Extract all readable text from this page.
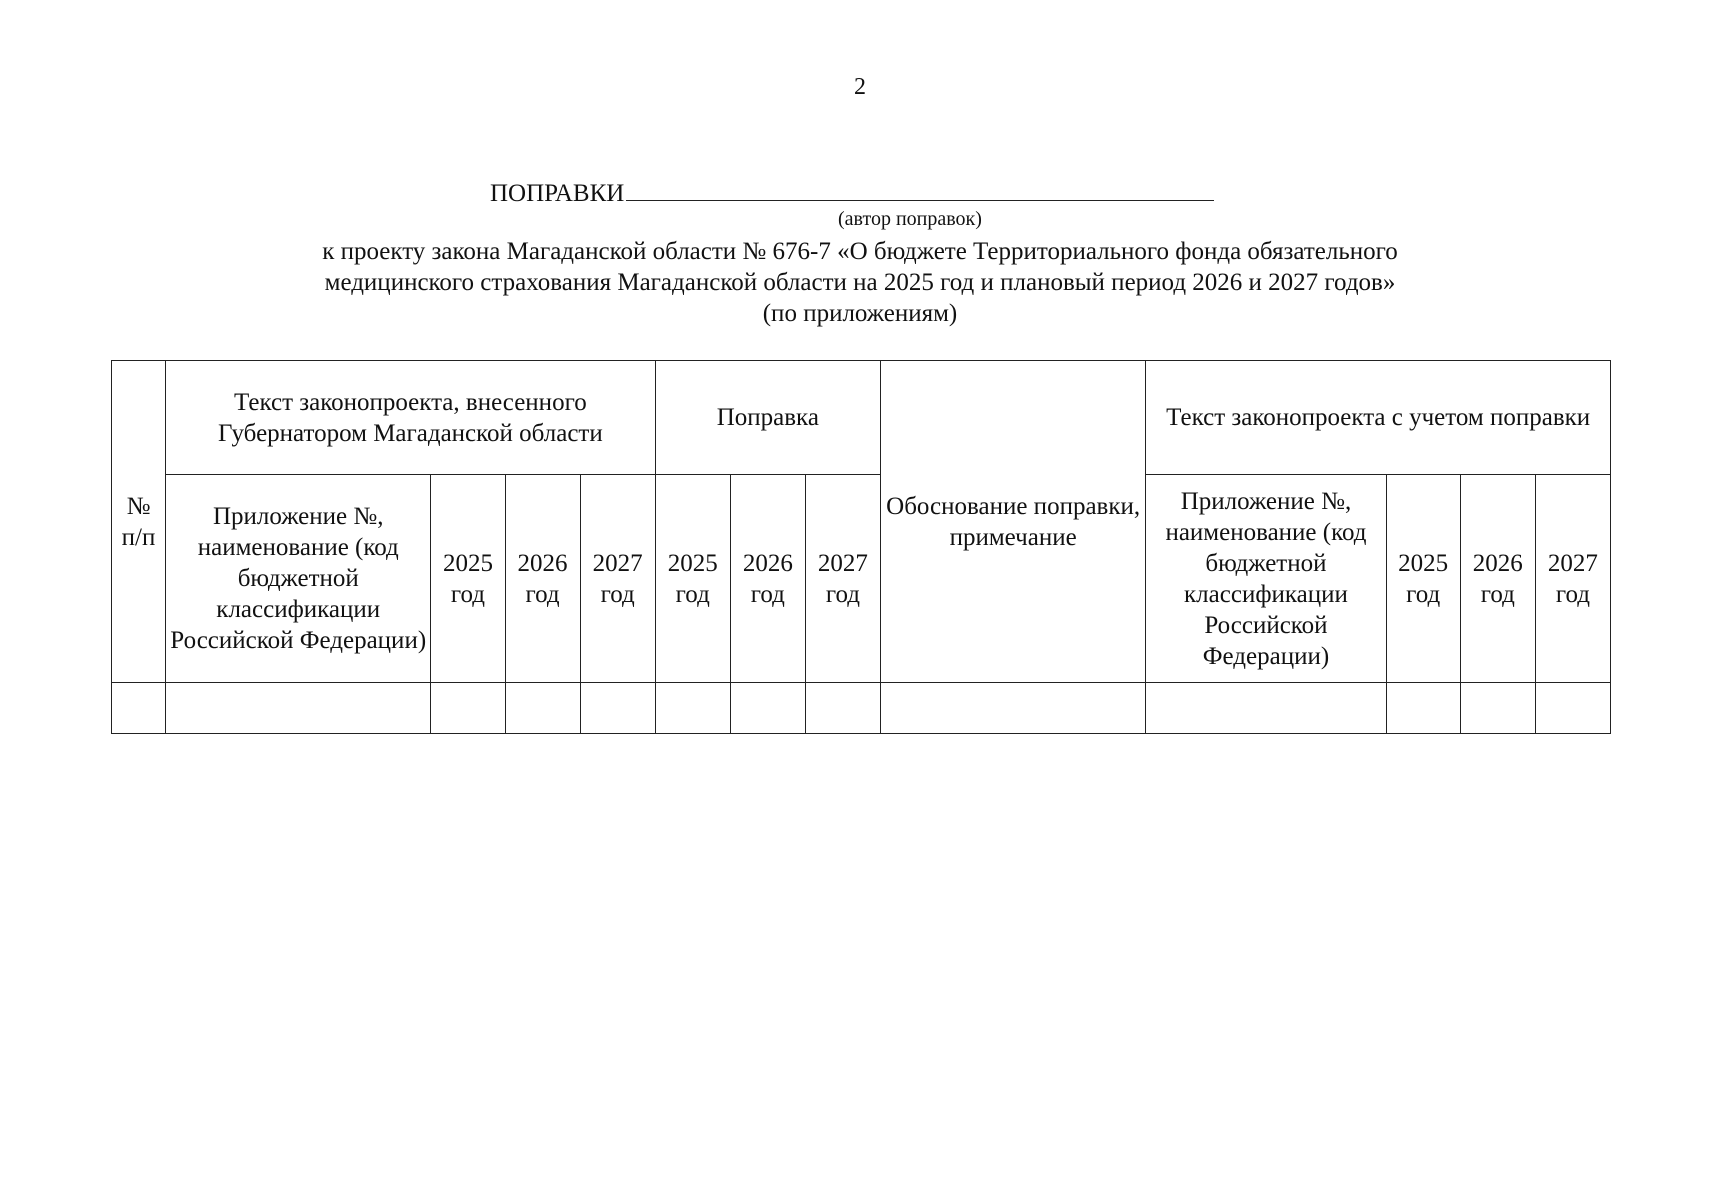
2
ПОПРАВКИ
(автор поправок)
к проекту закона Магаданской области № 676-7 «О бюджете Территориального фонда обязательного
медицинского страхования Магаданской области на 2025 год и плановый период 2026 и 2027 годов»
(по приложениям)
№ п/п	Текст законопроекта, внесенного Губернатором Магаданской области				Поправка			Обоснование поправки, примечание	Текст законопроекта с учетом поправки			
	Приложение №, наименование (код бюджетной классификации Российской Федерации)	2025 год	2026 год	2027 год	2025 год	2026 год	2027 год		Приложение №, наименование (код бюджетной классификации Российской Федерации)	2025 год	2026 год	2027 год
